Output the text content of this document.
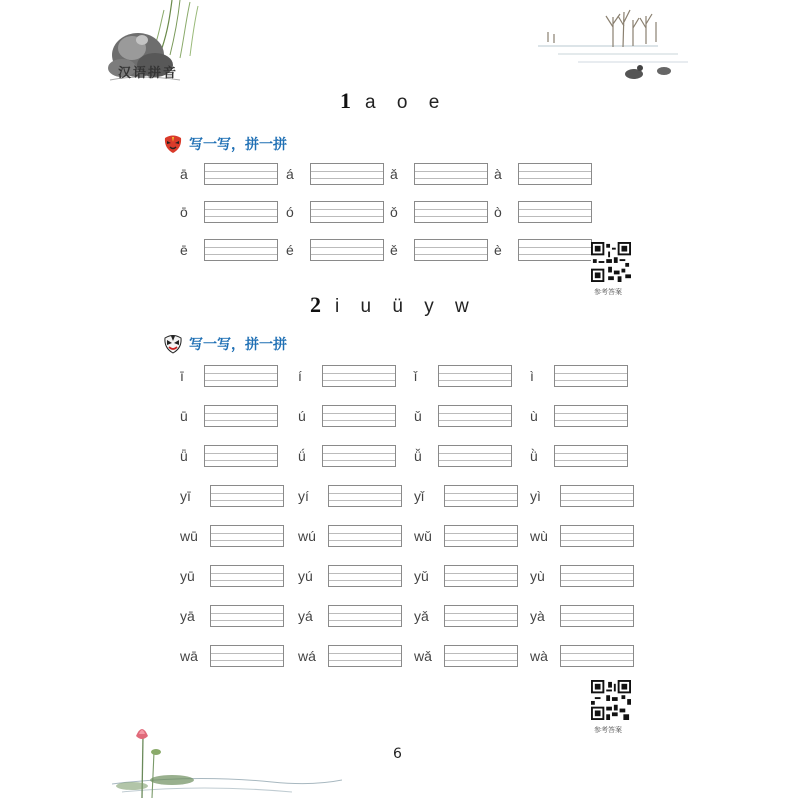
汉语拼音
1 a o e
写一写，拼一拼
ā	á	ǎ	à
ō	ó	ǒ	ò
ē	é	ě	è
参考答案
2 i u ü y w
写一写，拼一拼
ī	í	ǐ	ì
ū	ú	ǔ	ù
ǖ	ǘ	ǚ	ǜ
yī	yí	yǐ	yì
wū	wú	wǔ	wù
yū	yú	yǔ	yù
yā	yá	yǎ	yà
wā	wá	wǎ	wà
参考答案
6
